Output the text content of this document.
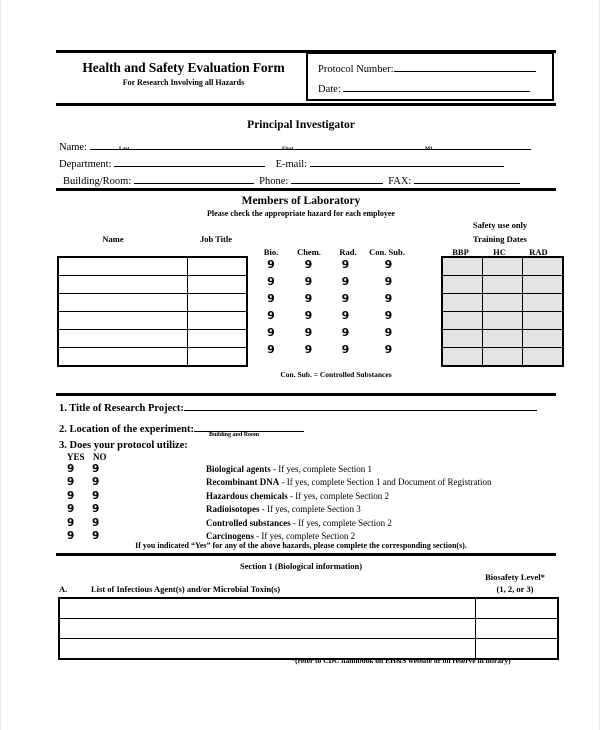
Health and Safety Evaluation Form
For Research Involving all Hazards
Protocol Number:
Date:
Principal Investigator
Name:	Last	First	MI
Department:	E-mail:
Building/Room:	Phone:	FAX:
Members of Laboratory
Please check the appropriate hazard for each employee
Safety use only
Training Dates
Name	Job Title
Bio.	Chem.	Rad.	Con. Sub.	BBP	HC	RAD

9	9	9	9
9	9	9	9
9	9	9	9
9	9	9	9
9	9	9	9
9	9	9	9
Con. Sub. = Controlled Substances

1. Title of Research Project:
2. Location of the experiment:
Building and Room
3. Does your protocol utilize:
YES NO
9	9	Biological agents - If yes, complete Section 1
9	9	Recombinant DNA - If yes, complete Section 1 and Document of Registration
9	9	Hazardous chemicals - If yes, complete Section 2
9	9	Radioisotopes - If yes, complete Section 3
9	9	Controlled substances - If yes, complete Section 2
9	9	Carcinogens - If yes, complete Section 2
If you indicated “Yes” for any of the above hazards, please complete the corresponding section(s).
Section 1 (Biological information)
Biosafety Level*
(1, 2, or 3)
A.	List of Infectious Agent(s) and/or Microbial Toxin(s)

*(refer to CDC handbook on EH&S website or on reserve in library)
